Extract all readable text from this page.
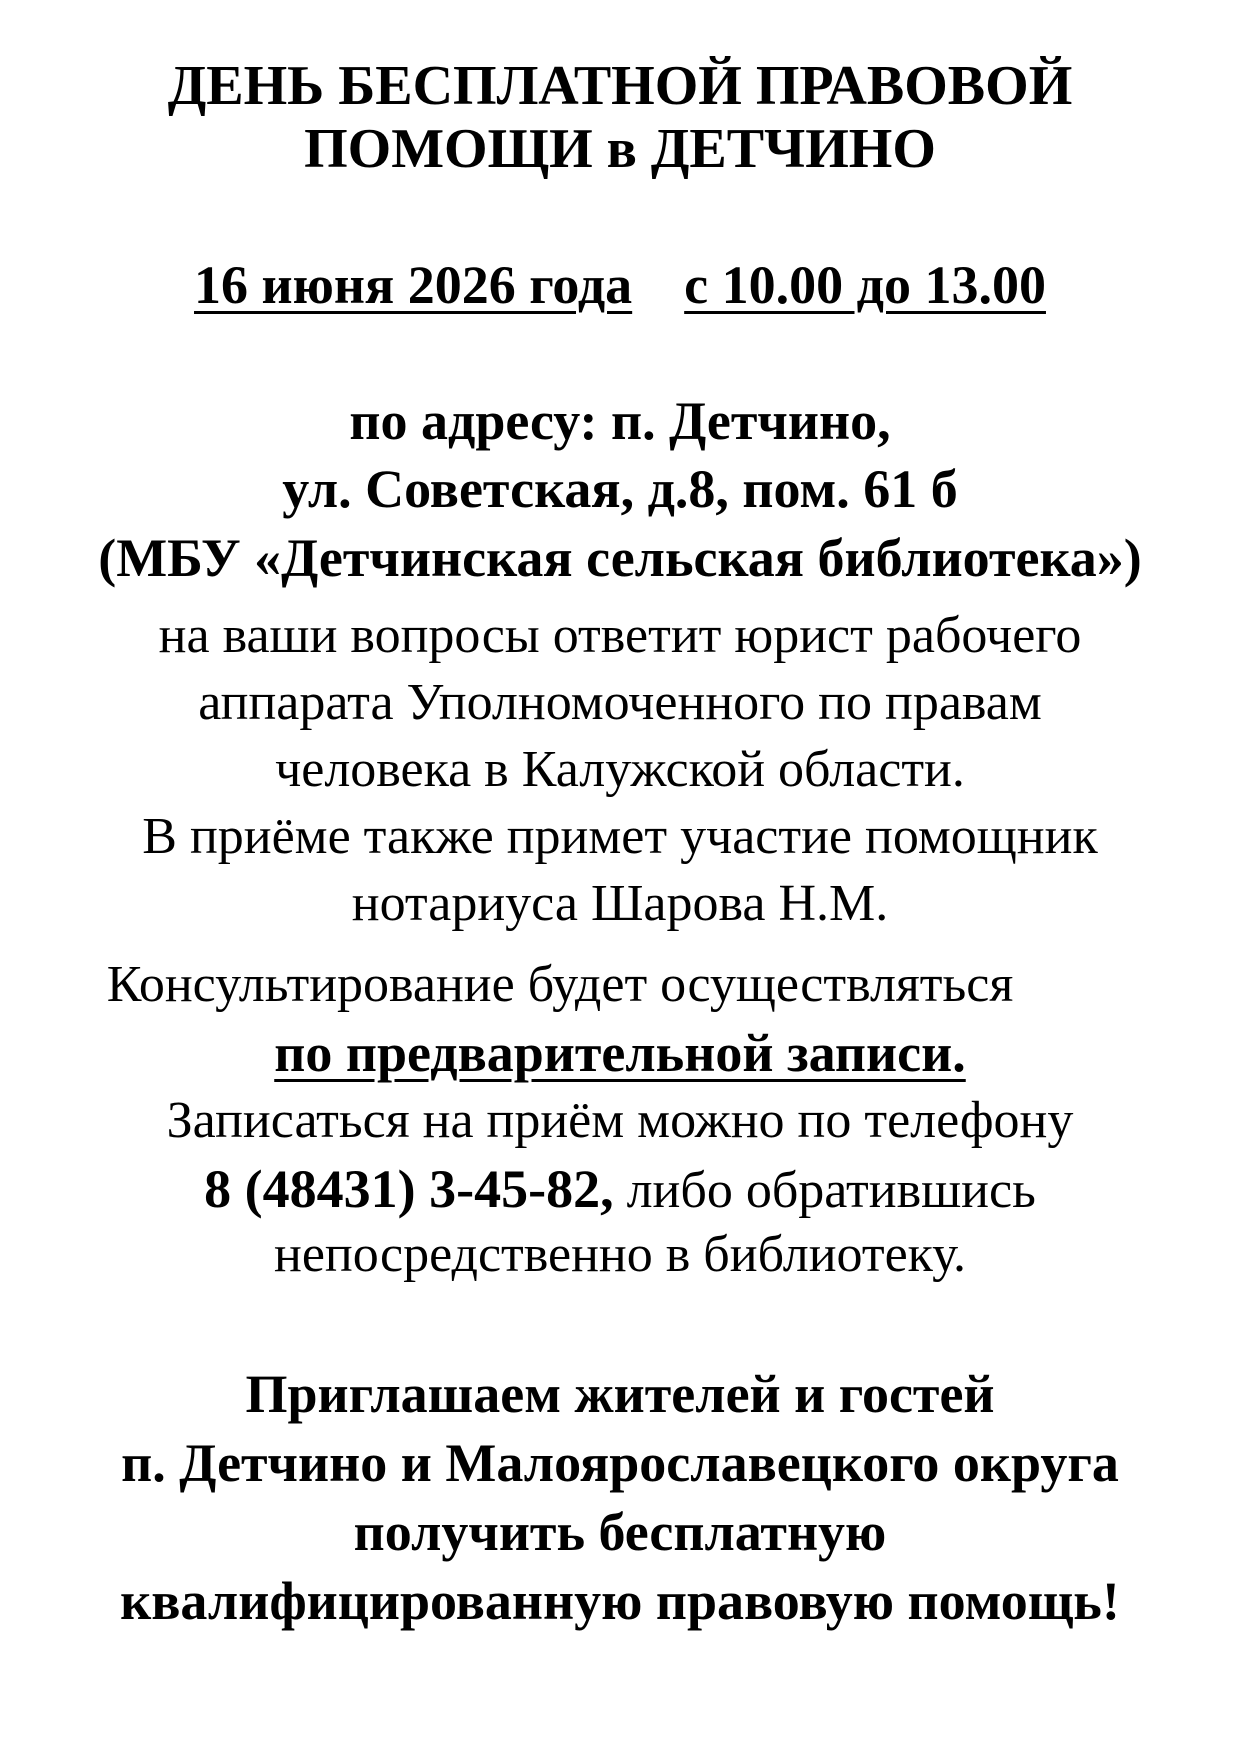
ДЕНЬ БЕСПЛАТНОЙ ПРАВОВОЙ
ПОМОЩИ в ДЕТЧИНО
16 июня 2026 года с 10.00 до 13.00
по адресу: п. Детчино,
ул. Советская, д.8, пом. 61 б
(МБУ «Детчинская сельская библиотека»)
на ваши вопросы ответит юрист рабочего
аппарата Уполномоченного по правам
человека в Калужской области.
В приёме также примет участие помощник
нотариуса Шарова Н.М.
Консультирование будет осуществляться
по предварительной записи.
Записаться на приём можно по телефону
8 (48431) 3-45-82, либо обратившись
непосредственно в библиотеку.
Приглашаем жителей и гостей
п. Детчино и Малоярославецкого округа
получить бесплатную
квалифицированную правовую помощь!
